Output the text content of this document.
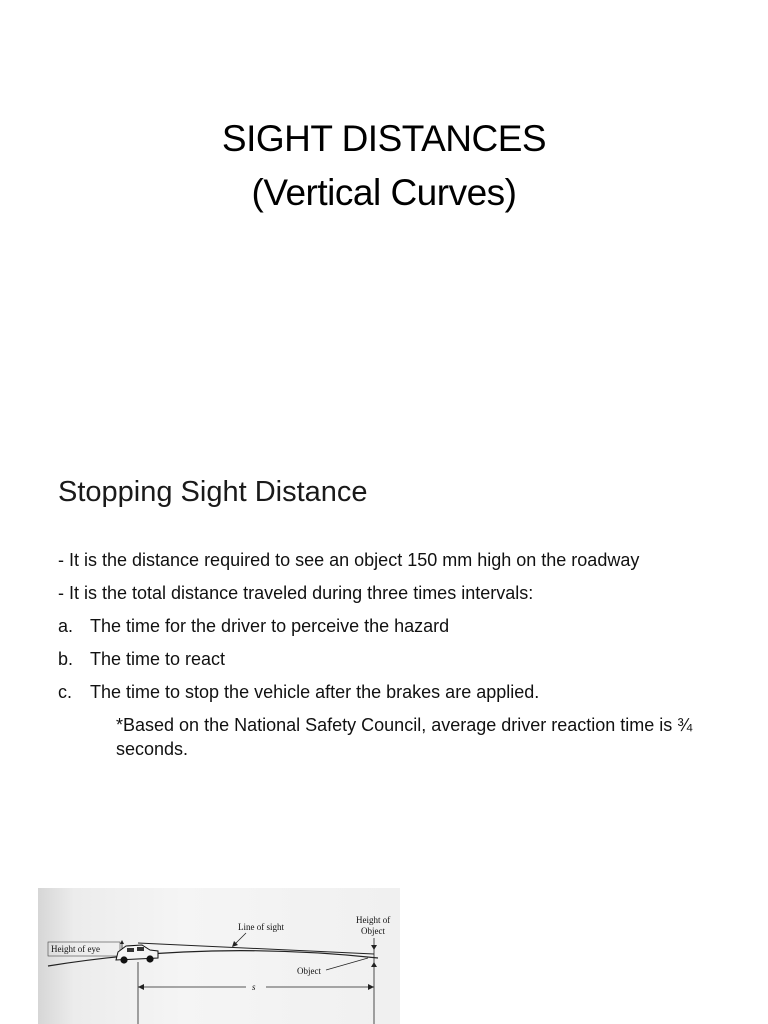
SIGHT DISTANCES
(Vertical Curves)
Stopping Sight Distance
- It is the distance required to see an object 150 mm high on the roadway
- It is the total distance traveled during three times intervals:
a. The time for the driver to perceive the hazard
b. The time to react
c. The time to stop the vehicle after the brakes are applied.
*Based on the National Safety Council, average driver reaction time is ¾ seconds.
Height of eye
Line of sight
Height of
Object
Object
s
